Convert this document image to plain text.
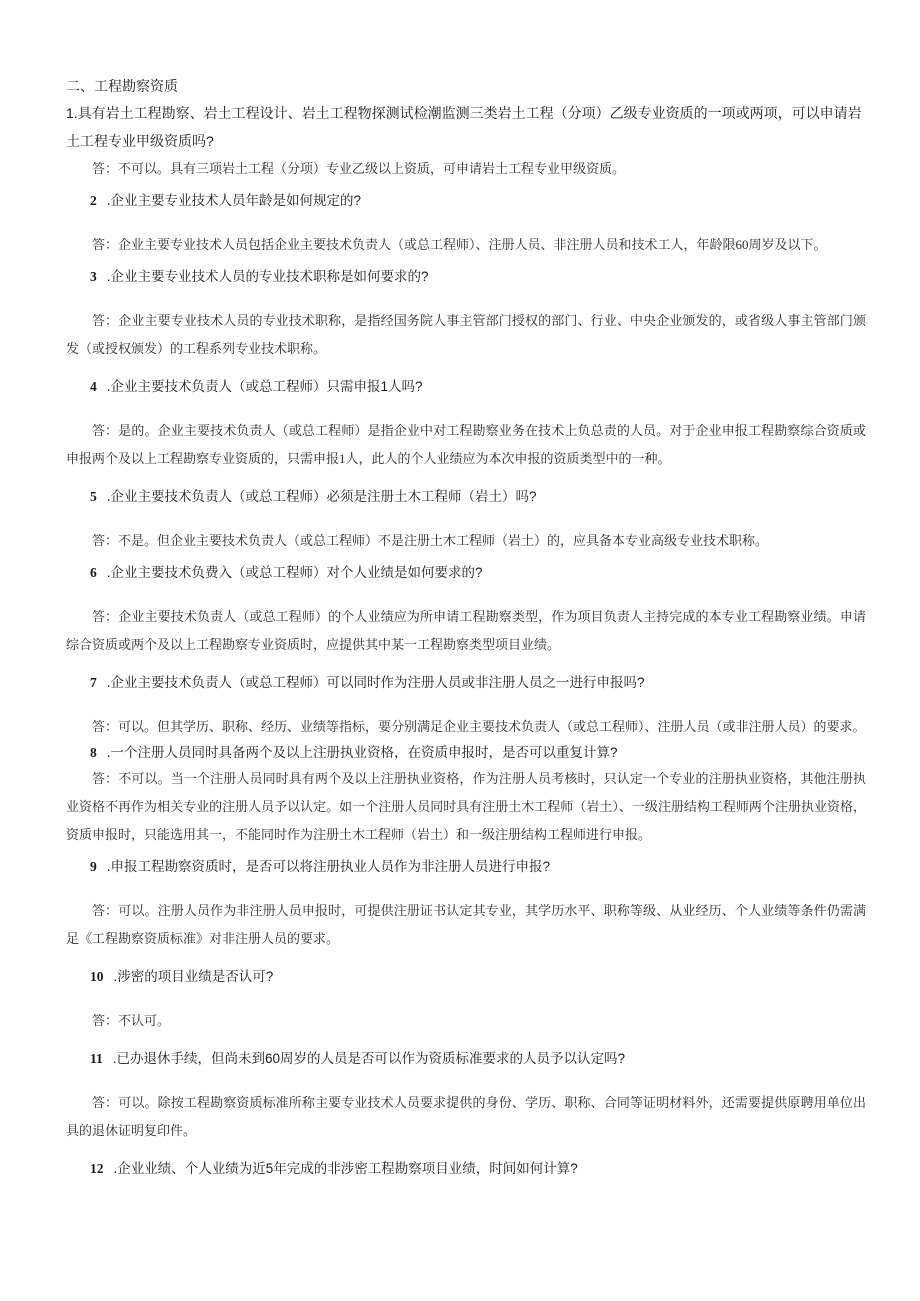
二、工程勘察资质

1.具有岩土工程勘察、岩土工程设计、岩土工程物探测试检潮监测三类岩土工程（分项）乙级专业资质的一项或两项，可以申请岩土工程专业甲级资质吗?

答：不可以。具有三项岩土工程（分项）专业乙级以上资质，可申请岩土工程专业甲级资质。

2 .企业主要专业技术人员年龄是如何规定的?

答：企业主要专业技术人员包括企业主要技术负责人（或总工程师）、注册人员、非注册人员和技术工人，年龄限60周岁及以下。

3 .企业主要专业技术人员的专业技术职称是如何要求的?

答：企业主要专业技术人员的专业技术职称，是指经国务院人事主管部门授权的部门、行业、中央企业颁发的，或省级人事主管部门颁发（或授权颁发）的工程系列专业技术职称。

4 .企业主要技术负责人（或总工程师）只需申报1人吗?

答：是的。企业主要技术负责人（或总工程师）是指企业中对工程勘察业务在技术上负总责的人员。对于企业申报工程勘察综合资质或申报两个及以上工程勘察专业资质的，只需申报1人，此人的个人业绩应为本次申报的资质类型中的一种。

5 .企业主要技术负责人（或总工程师）必须是注册土木工程师（岩土）吗?

答：不是。但企业主要技术负责人（或总工程师）不是注册土木工程师（岩土）的，应具备本专业高级专业技术职称。

6 .企业主要技术负费入（或总工程师）对个人业绩是如何要求的?

答：企业主要技术负责人（或总工程师）的个人业绩应为所申请工程勘察类型，作为项目负责人主持完成的本专业工程勘察业绩。申请综合资质或两个及以上工程勘察专业资质时，应提供其中某一工程勘察类型项目业绩。

7 .企业主要技术负责人（或总工程师）可以同时作为注册人员或非注册人员之一进行申报吗?

答：可以。但其学历、职称、经历、业绩等指标，要分别满足企业主要技术负责人（或总工程师）、注册人员（或非注册人员）的要求。

8 .一个注册人员同时具备两个及以上注册执业资格，在资质申报时，是否可以重复计算?

答：不可以。当一个注册人员同时具有两个及以上注册执业资格，作为注册人员考核时，只认定一个专业的注册执业资格，其他注册执业资格不再作为相关专业的注册人员予以认定。如一个注册人员同时具有注册土木工程师（岩土）、一级注册结构工程师两个注册执业资格，资质申报时，只能选用其一，不能同时作为注册土木工程师（岩土）和一级注册结构工程师进行申报。

9 .申报工程勘察资质时，是否可以将注册执业人员作为非注册人员进行申报?

答：可以。注册人员作为非注册人员申报时，可提供注册证书认定其专业，其学历水平、职称等级、从业经历、个人业绩等条件仍需满足《工程勘察资质标准》对非注册人员的要求。

10 .涉密的项目业绩是否认可?

答：不认可。

11 .已办退休手续，但尚未到60周岁的人员是否可以作为资质标准要求的人员予以认定吗?

答：可以。除按工程勘察资质标准所称主要专业技术人员要求提供的身份、学历、职称、合同等证明材料外，还需要提供原聘用单位出具的退休证明复印件。

12 .企业业绩、个人业绩为近5年完成的非涉密工程勘察项目业绩，时间如何计算?
